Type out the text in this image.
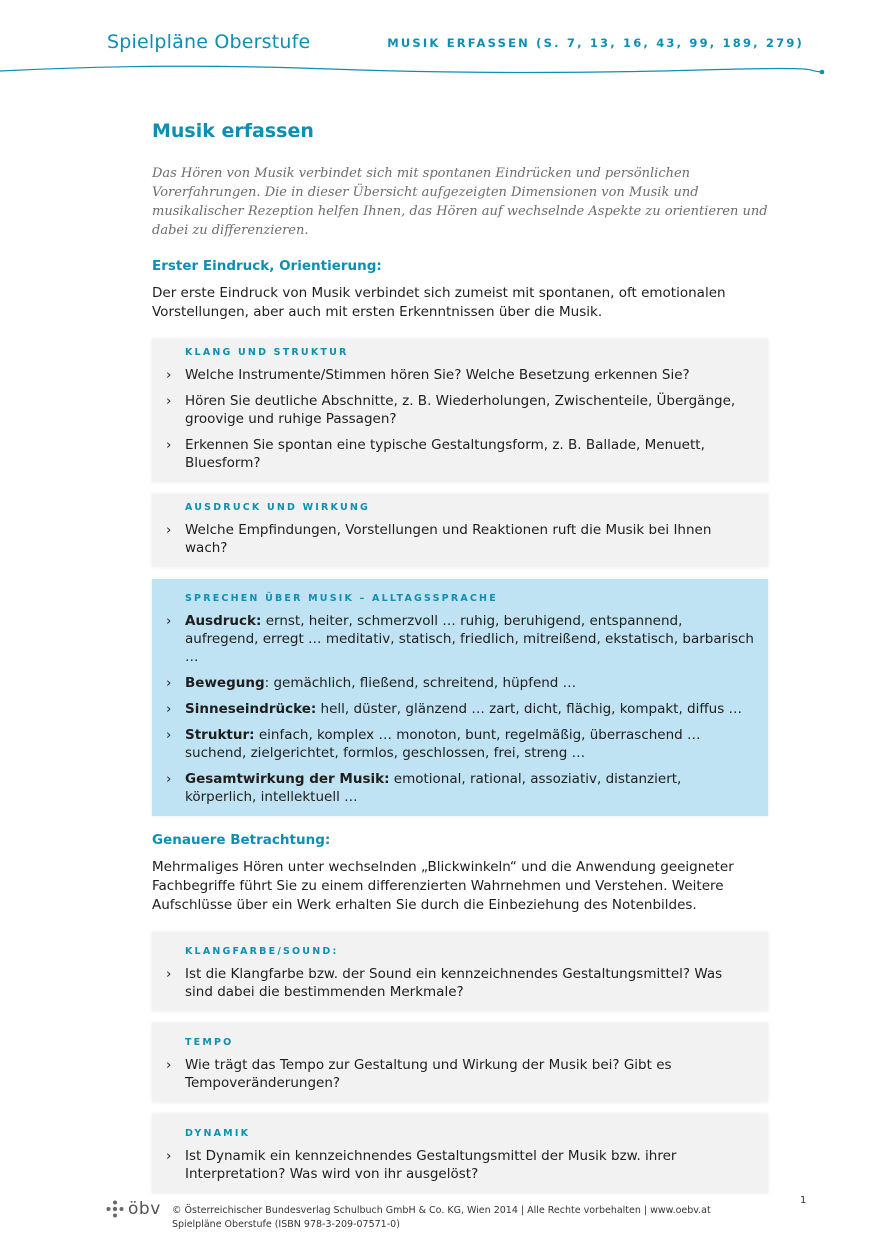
Spielpläne Oberstufe	MUSIK ERFASSEN (S. 7, 13, 16, 43, 99, 189, 279)
Musik erfassen

Das Hören von Musik verbindet sich mit spontanen Eindrücken und persönlichen Vorerfahrungen. Die in dieser Übersicht aufgezeigten Dimensionen von Musik und musikalischer Rezeption helfen Ihnen, das Hören auf wechselnde Aspekte zu orientieren und dabei zu differenzieren.

Erster Eindruck, Orientierung:

Der erste Eindruck von Musik verbindet sich zumeist mit spontanen, oft emotionalen Vorstellungen, aber auch mit ersten Erkenntnissen über die Musik.

KLANG UND STRUKTUR
› Welche Instrumente/Stimmen hören Sie? Welche Besetzung erkennen Sie?
› Hören Sie deutliche Abschnitte, z. B. Wiederholungen, Zwischenteile, Übergänge, groovige und ruhige Passagen?
› Erkennen Sie spontan eine typische Gestaltungsform, z. B. Ballade, Menuett, Bluesform?
AUSDRUCK UND WIRKUNG
› Welche Empfindungen, Vorstellungen und Reaktionen ruft die Musik bei Ihnen wach?
SPRECHEN ÜBER MUSIK – ALLTAGSSPRACHE
› Ausdruck: ernst, heiter, schmerzvoll … ruhig, beruhigend, entspannend, aufregend, erregt … meditativ, statisch, friedlich, mitreißend, ekstatisch, barbarisch …
› Bewegung: gemächlich, fließend, schreitend, hüpfend …
› Sinneseindrücke: hell, düster, glänzend … zart, dicht, flächig, kompakt, diffus …
› Struktur: einfach, komplex … monoton, bunt, regelmäßig, überraschend … suchend, zielgerichtet, formlos, geschlossen, frei, streng …
› Gesamtwirkung der Musik: emotional, rational, assoziativ, distanziert, körperlich, intellektuell …
Genauere Betrachtung:

Mehrmaliges Hören unter wechselnden „Blickwinkeln“ und die Anwendung geeigneter Fachbegriffe führt Sie zu einem differenzierten Wahrnehmen und Verstehen. Weitere Aufschlüsse über ein Werk erhalten Sie durch die Einbeziehung des Notenbildes.

KLANGFARBE/SOUND:
› Ist die Klangfarbe bzw. der Sound ein kennzeichnendes Gestaltungsmittel? Was sind dabei die bestimmenden Merkmale?
TEMPO
› Wie trägt das Tempo zur Gestaltung und Wirkung der Musik bei? Gibt es Tempoveränderungen?
DYNAMIK
› Ist Dynamik ein kennzeichnendes Gestaltungsmittel der Musik bzw. ihrer Interpretation? Was wird von ihr ausgelöst?
öbv © Österreichischer Bundesverlag Schulbuch GmbH & Co. KG, Wien 2014 | Alle Rechte vorbehalten | www.oebv.at
Spielpläne Oberstufe (ISBN 978-3-209-07571-0)
1
